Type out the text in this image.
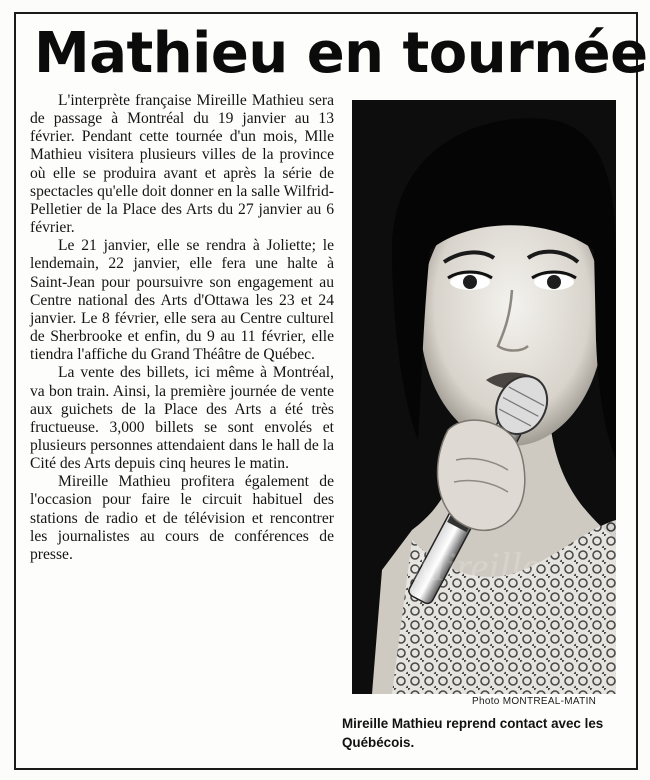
Mathieu en tournée

L'interprète française Mireille Mathieu sera de passage à Montréal du 19 janvier au 13 février. Pendant cette tournée d'un mois, Mlle Mathieu visitera plusieurs villes de la province où elle se produira avant et après la série de spectacles qu'elle doit donner en la salle Wilfrid-Pelletier de la Place des Arts du 27 janvier au 6 février.

Le 21 janvier, elle se rendra à Joliette; le lendemain, 22 janvier, elle fera une halte à Saint-Jean pour poursuivre son engagement au Centre national des Arts d'Ottawa les 23 et 24 janvier. Le 8 février, elle sera au Centre culturel de Sherbrooke et enfin, du 9 au 11 février, elle tiendra l'affiche du Grand Théâtre de Québec.

La vente des billets, ici même à Montréal, va bon train. Ainsi, la première journée de vente aux guichets de la Place des Arts a été très fructueuse. 3,000 billets se sont envolés et plusieurs personnes attendaient dans le hall de la Cité des Arts depuis cinq heures le matin.

Mireille Mathieu profitera également de l'occasion pour faire le circuit habituel des stations de radio et de télévision et rencontrer les journalistes au cours de conférences de presse.	Mireille
Photo MONTREAL-MATIN

Mireille Mathieu reprend contact avec les Québécois.
